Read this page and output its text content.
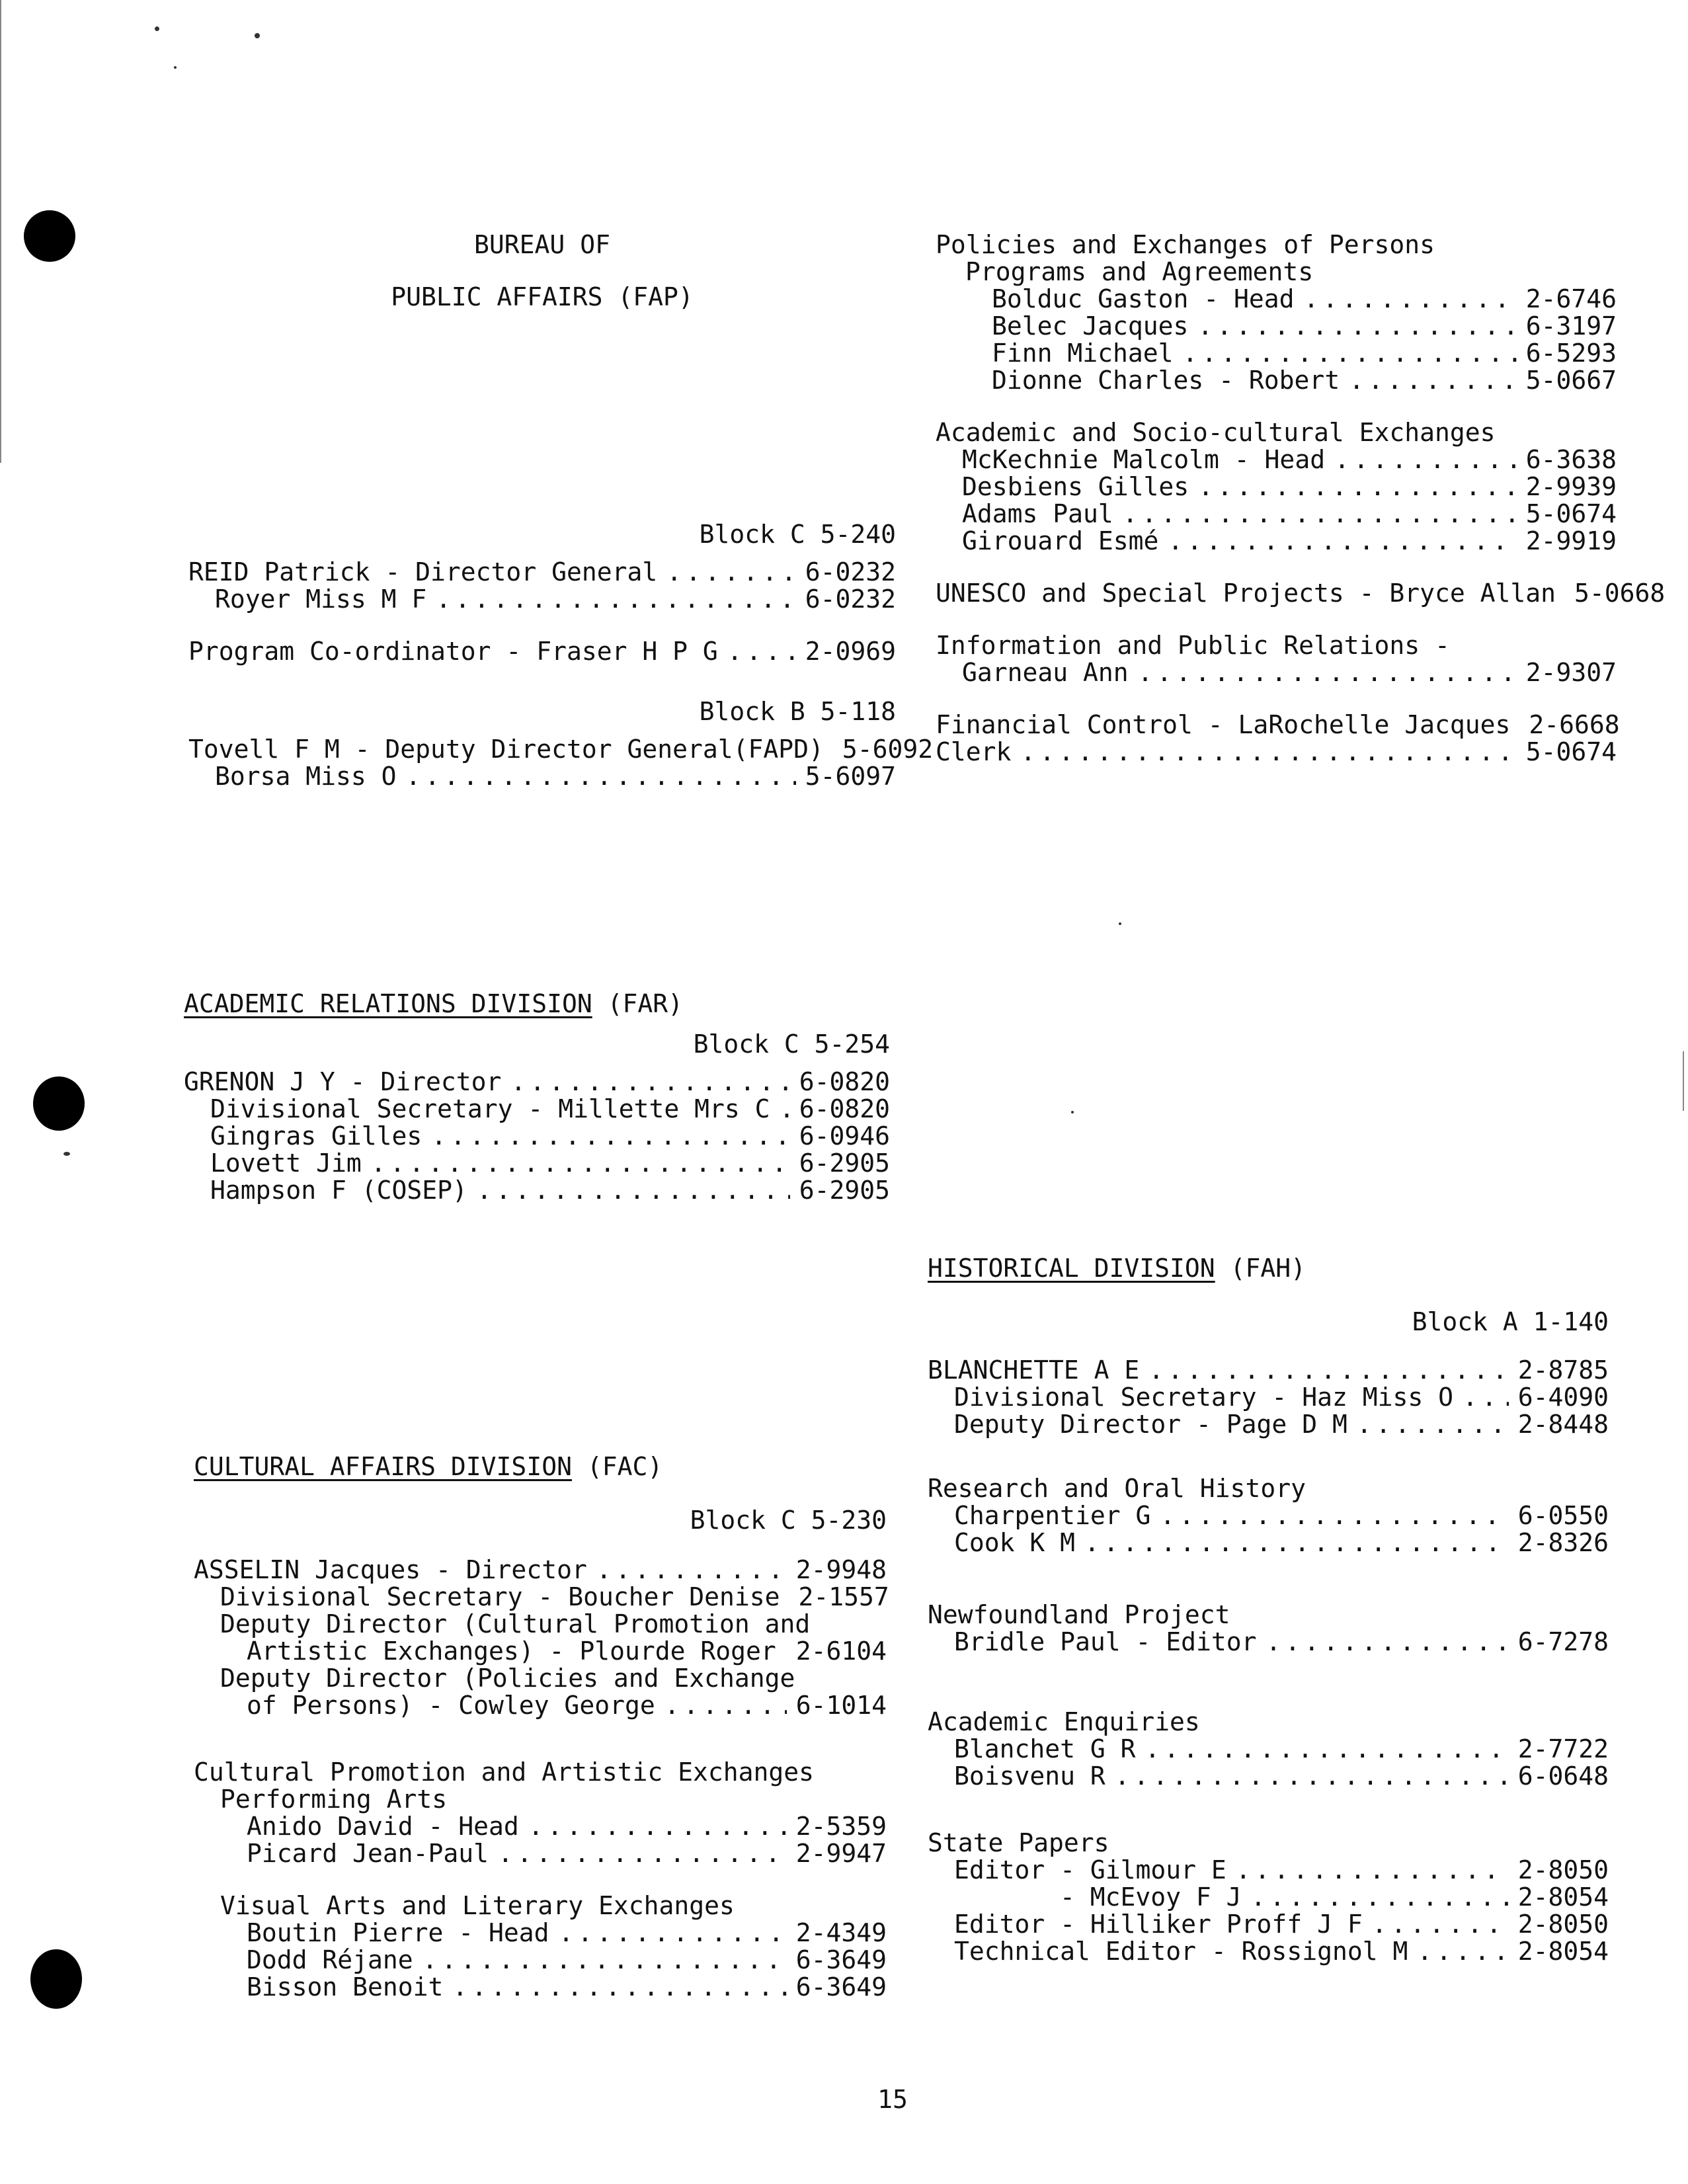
BUREAU OF
PUBLIC AFFAIRS (FAP)
Block C 5-240
REID Patrick - Director General .....	6-0232
Royer Miss M F .....	6-0232
Program Co-ordinator - Fraser H P G .....	2-0969
Block B 5-118
Tovell F M - Deputy Director General(FAPD) 5-6092
Borsa Miss O .....	5-6097
Policies and Exchanges of Persons
Programs and Agreements
Bolduc Gaston - Head .....	2-6746
Belec Jacques .....	6-3197
Finn Michael .....	6-5293
Dionne Charles - Robert .....	5-0667
Academic and Socio-cultural Exchanges
McKechnie Malcolm - Head .....	6-3638
Desbiens Gilles .....	2-9939
Adams Paul .....	5-0674
Girouard Esmé .....	2-9919
UNESCO and Special Projects - Bryce Allan 5-0668
Information and Public Relations -
Garneau Ann .....	2-9307
Financial Control - LaRochelle Jacques 2-6668
Clerk .....	5-0674
ACADEMIC RELATIONS DIVISION (FAR)
Block C 5-254
GRENON J Y - Director .....	6-0820
Divisional Secretary - Millette Mrs C ..... 6-0820
Gingras Gilles .....	6-0946
Lovett Jim .....	6-2905
Hampson F (COSEP) .....	6-2905
HISTORICAL DIVISION (FAH)
Block A 1-140
BLANCHETTE A E .....	2-8785
Divisional Secretary - Haz Miss O .....	6-4090
Deputy Director - Page D M .....	2-8448
Research and Oral History
Charpentier G .....	6-0550
Cook K M .....	2-8326
Newfoundland Project
Bridle Paul - Editor .....	6-7278
Academic Enquiries
Blanchet G R .....	2-7722
Boisvenu R .....	6-0648
State Papers
Editor - Gilmour E .....	2-8050
- McEvoy F J .....	2-8054
Editor - Hilliker Proff J F .....	2-8050
Technical Editor - Rossignol M .....	2-8054
CULTURAL AFFAIRS DIVISION (FAC)
Block C 5-230
ASSELIN Jacques - Director .....	2-9948
Divisional Secretary - Boucher Denise 2-1557
Deputy Director (Cultural Promotion and
Artistic Exchanges) - Plourde Roger ..... 2-6104
Deputy Director (Policies and Exchange
of Persons) - Cowley George .....	6-1014
Cultural Promotion and Artistic Exchanges
Performing Arts
Anido David - Head .....	2-5359
Picard Jean-Paul .....	2-9947
Visual Arts and Literary Exchanges
Boutin Pierre - Head .....	2-4349
Dodd Réjane .....	6-3649
Bisson Benoit .....	6-3649
15
